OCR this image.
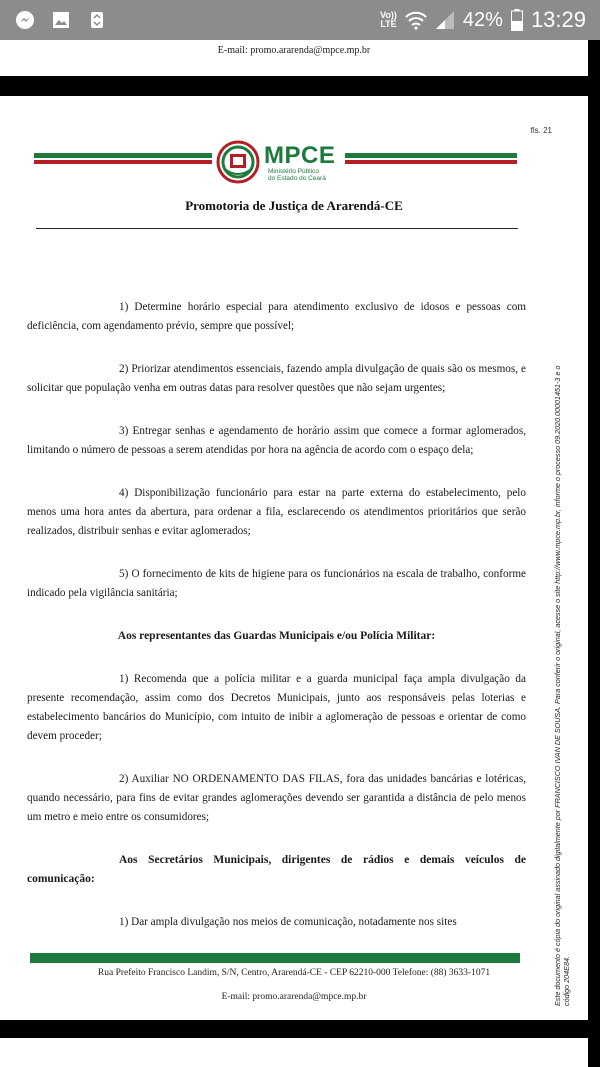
Vo))
LTE	42% 13:29
E-mail: promo.ararenda@mpce.mp.br
fls. 21
MPCE
Ministério Público
do Estado do Ceará
Promotoria de Justiça de Ararendá-CE

1) Determine horário especial para atendimento exclusivo de idosos e pessoas com deficiência, com agendamento prévio, sempre que possível;

2) Priorizar atendimentos essenciais, fazendo ampla divulgação de quais são os mesmos, e solicitar que população venha em outras datas para resolver questões que não sejam urgentes;

3) Entregar senhas e agendamento de horário assim que comece a formar aglomerados, limitando o número de pessoas a serem atendidas por hora na agência de acordo com o espaço dela;

4) Disponibilização funcionário para estar na parte externa do estabelecimento, pelo menos uma hora antes da abertura, para ordenar a fila, esclarecendo os atendimentos prioritários que serão realizados, distribuir senhas e evitar aglomerados;

5) O fornecimento de kits de higiene para os funcionários na escala de trabalho, conforme indicado pela vigilância sanitária;

Aos representantes das Guardas Municipais e/ou Polícia Militar:

1) Recomenda que a polícia militar e a guarda municipal faça ampla divulgação da presente recomendação, assim como dos Decretos Municipais, junto aos responsáveis pelas loterias e estabelecimento bancários do Município, com intuito de inibir a aglomeração de pessoas e orientar de como devem proceder;

2) Auxiliar NO ORDENAMENTO DAS FILAS, fora das unidades bancárias e lotéricas, quando necessário, para fins de evitar grandes aglomerações devendo ser garantida a distância de pelo menos um metro e meio entre os consumidores;

Aos Secretários Municipais, dirigentes de rádios e demais veículos de comunicação:

1) Dar ampla divulgação nos meios de comunicação, notadamente nos sites	Este documento é cópia do original assinado digitalmente por FRANCISCO IVAN DE SOUSA. Para conferir o original, acesse o site http://www.mpce.mp.br, informe o processo 09.2020.00001451-3 e o código 204E84.
Rua Prefeito Francisco Landim, S/N, Centro, Ararendá-CE - CEP 62210-000 Telefone: (88) 3633-1071
E-mail: promo.ararenda@mpce.mp.br
